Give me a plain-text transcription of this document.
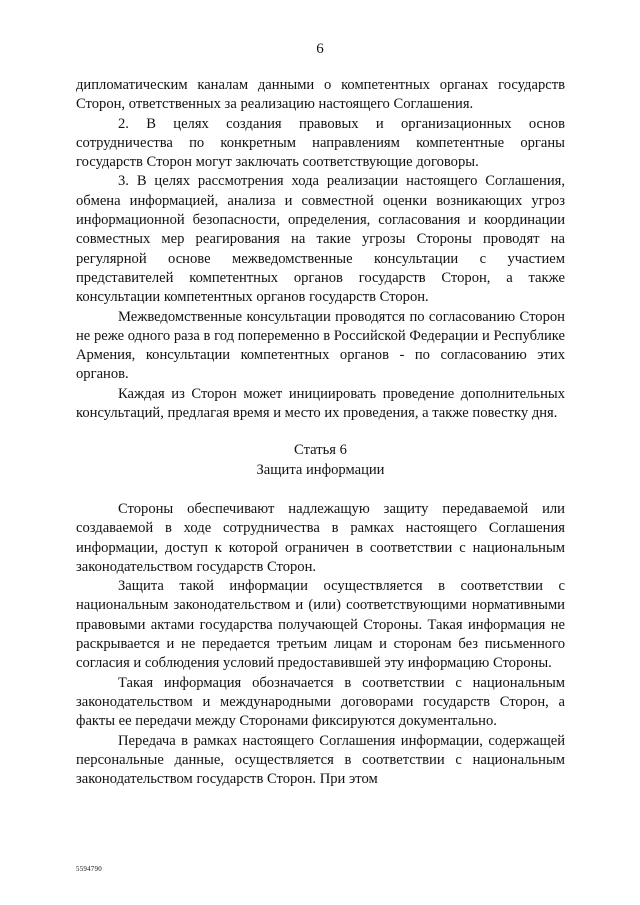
6

дипломатическим каналам данными о компетентных органах государств Сторон, ответственных за реализацию настоящего Соглашения.

2. В целях создания правовых и организационных основ сотрудничества по конкретным направлениям компетентные органы государств Сторон могут заключать соответствующие договоры.

3. В целях рассмотрения хода реализации настоящего Соглашения, обмена информацией, анализа и совместной оценки возникающих угроз информационной безопасности, определения, согласования и координации совместных мер реагирования на такие угрозы Стороны проводят на регулярной основе межведомственные консультации с участием представителей компетентных органов государств Сторон, а также консультации компетентных органов государств Сторон.

Межведомственные консультации проводятся по согласованию Сторон не реже одного раза в год попеременно в Российской Федерации и Республике Армения, консультации компетентных органов - по согласованию этих органов.

Каждая из Сторон может инициировать проведение дополнительных консультаций, предлагая время и место их проведения, а также повестку дня.

Статья 6

Защита информации

Стороны обеспечивают надлежащую защиту передаваемой или создаваемой в ходе сотрудничества в рамках настоящего Соглашения информации, доступ к которой ограничен в соответствии с национальным законодательством государств Сторон.

Защита такой информации осуществляется в соответствии с национальным законодательством и (или) соответствующими нормативными правовыми актами государства получающей Стороны. Такая информация не раскрывается и не передается третьим лицам и сторонам без письменного согласия и соблюдения условий предоставившей эту информацию Стороны.

Такая информация обозначается в соответствии с национальным законодательством и международными договорами государств Сторон, а факты ее передачи между Сторонами фиксируются документально.

Передача в рамках настоящего Соглашения информации, содержащей персональные данные, осуществляется в соответствии с национальным законодательством государств Сторон. При этом

5594790
